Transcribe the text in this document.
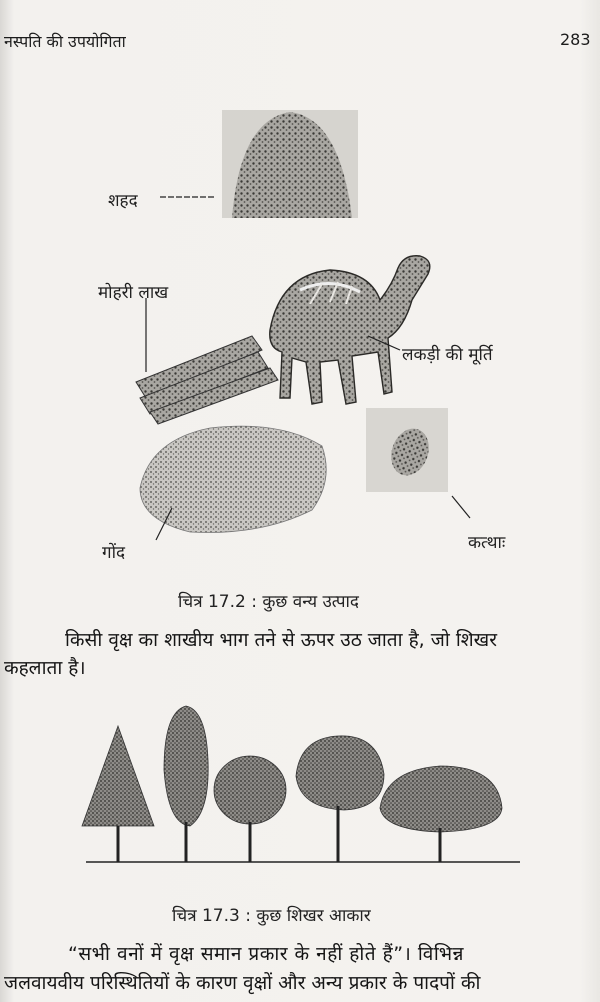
नस्पति की उपयोगिता	283
शहद
मोहरी लाख
लकड़ी की मूर्ति
गोंद	कत्थाः
चित्र 17.2 : कुछ वन्य उत्पाद
किसी वृक्ष का शाखीय भाग तने से ऊपर उठ जाता है, जो शिखर
कहलाता है।
चित्र 17.3 : कुछ शिखर आकार
“सभी वनों में वृक्ष समान प्रकार के नहीं होते हैं”। विभिन्न
जलवायवीय परिस्थितियों के कारण वृक्षों और अन्य प्रकार के पादपों की
